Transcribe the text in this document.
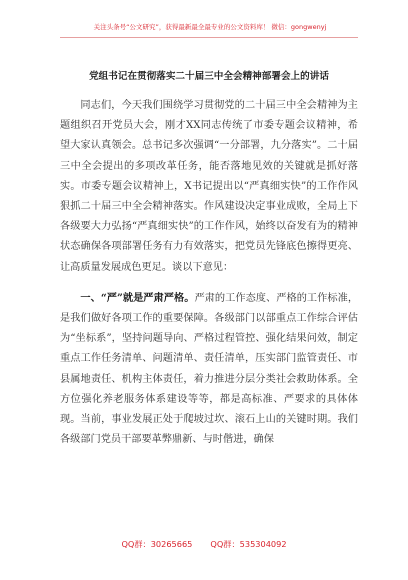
关注头条号“公文研究”，获得最新最全最专业的公文资料库！ 微信：gongwenyj
党组书记在贯彻落实二十届三中全会精神部署会上的讲话

同志们，今天我们围绕学习贯彻党的二十届三中全会精神为主题组织召开党员大会，刚才XX同志传统了市委专题会议精神，希望大家认真领会。总书记多次强调“一分部署，九分落实”。二十届三中全会提出的多项改革任务，能否落地见效的关键就是抓好落实。市委专题会议精神上，X书记提出以“严真细实快”的工作作风狠抓二十届三中全会精神落实。作风建设决定事业成败，全局上下各级要大力弘扬“严真细实快”的工作作风，始终以奋发有为的精神状态确保各项部署任务有力有效落实，把党员先锋底色擦得更亮、让高质量发展成色更足。谈以下意见：

一、“严”就是严肃严格。严肃的工作态度、严格的工作标准，是我们做好各项工作的重要保障。各级部门以部重点工作综合评估为“坐标系”，坚持问题导向、严格过程管控、强化结果问效，制定重点工作任务清单、问题清单、责任清单，压实部门监管责任、市县属地责任、机构主体责任，着力推进分层分类社会救助体系。全方位强化养老服务体系建设等等，都是高标准、严要求的具体体现。当前，事业发展正处于爬坡过坎、滚石上山的关键时期。我们各级部门党员干部要革弊鼎新、与时偕进，确保

QQ群：30265665 QQ群：535304092
